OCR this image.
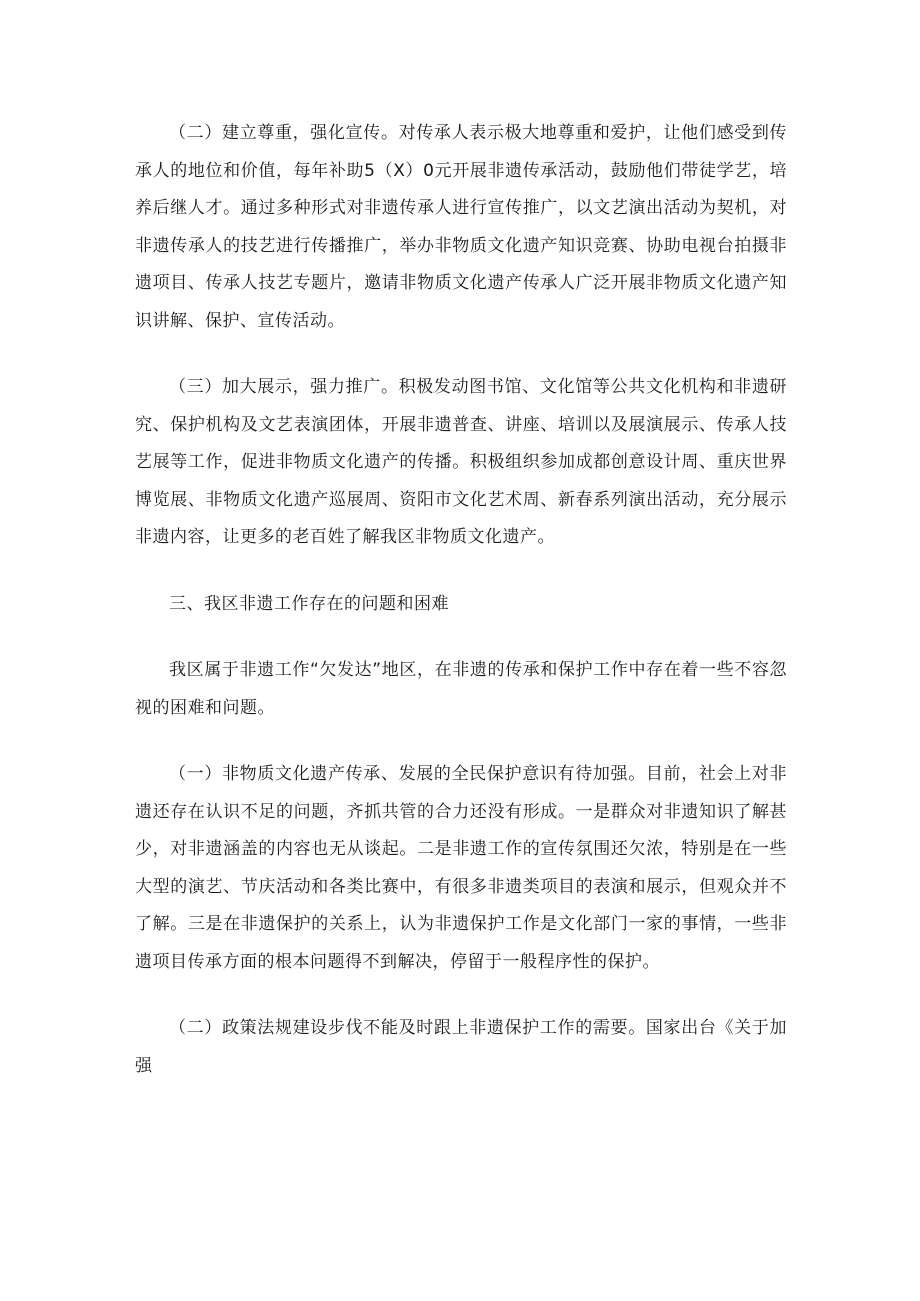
（二）建立尊重，强化宣传。对传承人表示极大地尊重和爱护，让他们感受到传承人的地位和价值，每年补助5（X）0元开展非遗传承活动，鼓励他们带徒学艺，培养后继人才。通过多种形式对非遗传承人进行宣传推广，以文艺演出活动为契机，对非遗传承人的技艺进行传播推广，举办非物质文化遗产知识竞赛、协助电视台拍摄非遗项目、传承人技艺专题片，邀请非物质文化遗产传承人广泛开展非物质文化遗产知识讲解、保护、宣传活动。

（三）加大展示，强力推广。积极发动图书馆、文化馆等公共文化机构和非遗研究、保护机构及文艺表演团体，开展非遗普查、讲座、培训以及展演展示、传承人技艺展等工作，促进非物质文化遗产的传播。积极组织参加成都创意设计周、重庆世界博览展、非物质文化遗产巡展周、资阳市文化艺术周、新春系列演出活动，充分展示非遗内容，让更多的老百姓了解我区非物质文化遗产。

三、我区非遗工作存在的问题和困难

我区属于非遗工作“欠发达”地区，在非遗的传承和保护工作中存在着一些不容忽视的困难和问题。

（一）非物质文化遗产传承、发展的全民保护意识有待加强。目前，社会上对非遗还存在认识不足的问题，齐抓共管的合力还没有形成。一是群众对非遗知识了解甚少，对非遗涵盖的内容也无从谈起。二是非遗工作的宣传氛围还欠浓，特别是在一些大型的演艺、节庆活动和各类比赛中，有很多非遗类项目的表演和展示，但观众并不了解。三是在非遗保护的关系上，认为非遗保护工作是文化部门一家的事情，一些非遗项目传承方面的根本问题得不到解决，停留于一般程序性的保护。

（二）政策法规建设步伐不能及时跟上非遗保护工作的需要。国家出台《关于加强
